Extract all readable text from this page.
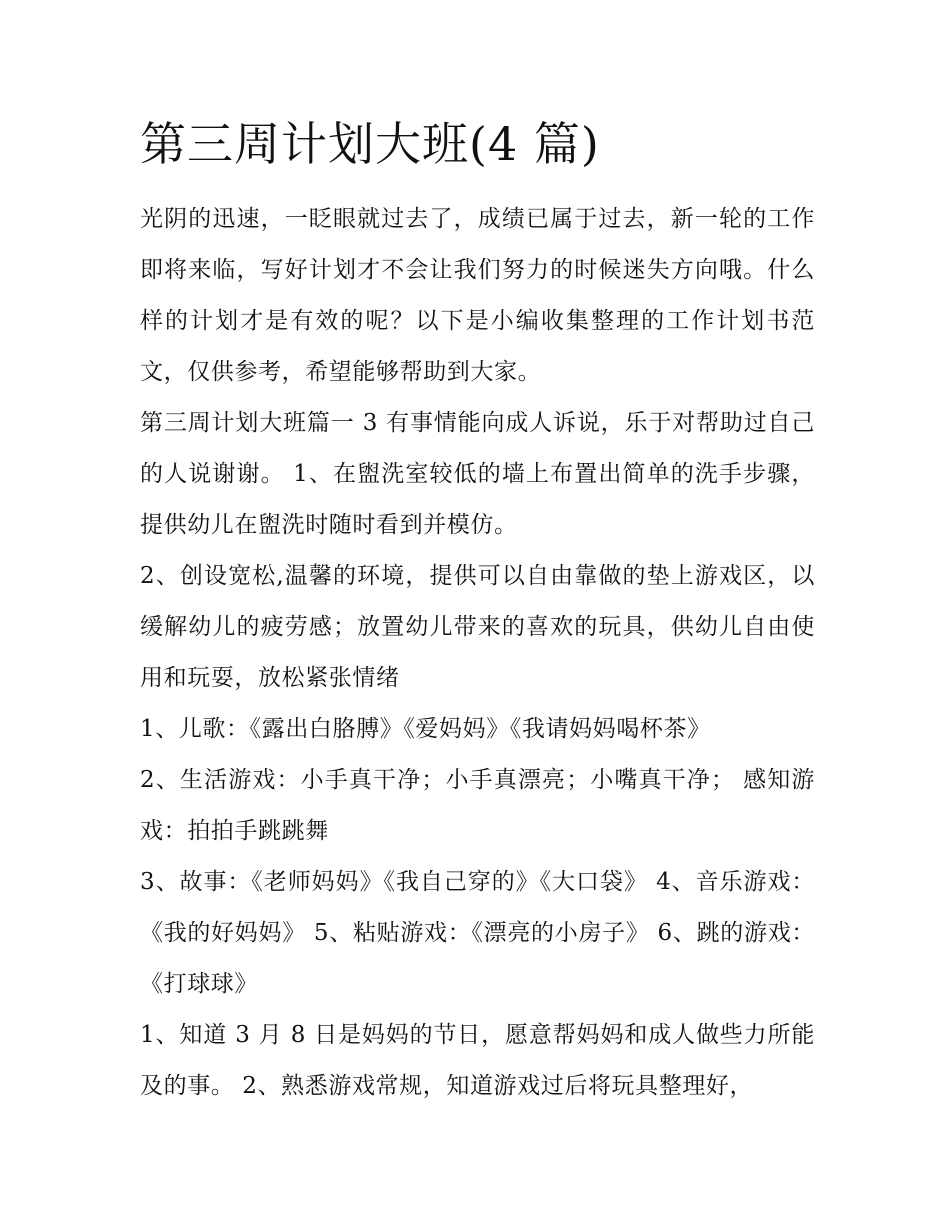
第三周计划大班(4 篇)

光阴的迅速，一眨眼就过去了，成绩已属于过去，新一轮的工作即将来临，写好计划才不会让我们努力的时候迷失方向哦。什么样的计划才是有效的呢？以下是小编收集整理的工作计划书范文，仅供参考，希望能够帮助到大家。

第三周计划大班篇一 3 有事情能向成人诉说，乐于对帮助过自己的人说谢谢。 1、在盥洗室较低的墙上布置出简单的洗手步骤，提供幼儿在盥洗时随时看到并模仿。

2、创设宽松,温馨的环境，提供可以自由靠做的垫上游戏区，以缓解幼儿的疲劳感；放置幼儿带来的喜欢的玩具，供幼儿自由使用和玩耍，放松紧张情绪

1、儿歌：《露出白胳膊》《爱妈妈》《我请妈妈喝杯茶》

2、生活游戏：小手真干净；小手真漂亮；小嘴真干净； 感知游戏：拍拍手跳跳舞

3、故事：《老师妈妈》《我自己穿的》《大口袋》 4、音乐游戏：《我的好妈妈》 5、粘贴游戏：《漂亮的小房子》 6、跳的游戏：《打球球》

1、知道 3 月 8 日是妈妈的节日，愿意帮妈妈和成人做些力所能及的事。 2、熟悉游戏常规，知道游戏过后将玩具整理好，
